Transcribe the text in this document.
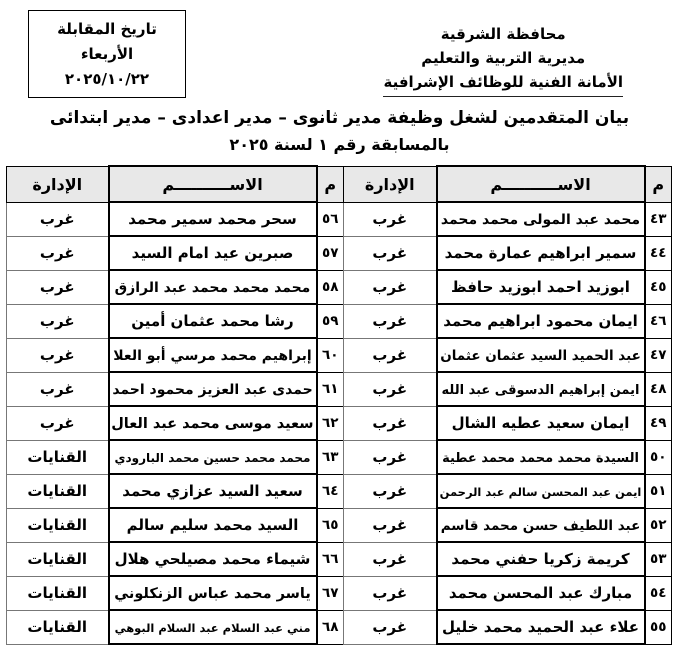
محافظة الشرقية
مديرية التربية والتعليم
الأمانة الفنية للوظائف الإشرافية
تاريخ المقابلة
الأربعاء
٢٠٢٥/١٠/٢٢
بيان المتقدمين لشغل وظيفة مدير ثانوى – مدير اعدادى – مدير ابتدائى
بالمسابقة رقم ١ لسنة ٢٠٢٥
م	الاســــــــــم	الإدارة	م	الاســــــــــم	الإدارة
٤٣	محمد عبد المولى محمد محمد	غرب	٥٦	سحر محمد سمير محمد	غرب
٤٤	سمير ابراهيم عمارة محمد	غرب	٥٧	صبرين عيد امام السيد	غرب
٤٥	ابوزيد احمد ابوزيد حافظ	غرب	٥٨	محمد محمد محمد عبد الرازق	غرب
٤٦	ايمان محمود ابراهيم محمد	غرب	٥٩	رشا محمد عثمان أمين	غرب
٤٧	عبد الحميد السيد عثمان عثمان	غرب	٦٠	إبراهيم محمد مرسي أبو العلا	غرب
٤٨	ايمن إبراهيم الدسوقى عبد الله	غرب	٦١	حمدى عبد العزيز محمود احمد	غرب
٤٩	ايمان سعيد عطيه الشال	غرب	٦٢	سعيد موسى محمد عبد العال	غرب
٥٠	السيدة محمد محمد محمد عطية	غرب	٦٣	محمد محمد حسين محمد البارودي	القنايات
٥١	ايمن عبد المحسن سالم عبد الرحمن	غرب	٦٤	سعيد السيد عزازي محمد	القنايات
٥٢	عبد اللطيف حسن محمد قاسم	غرب	٦٥	السيد محمد سليم سالم	القنايات
٥٣	كريمة زكريا حفني محمد	غرب	٦٦	شيماء محمد مصيلحي هلال	القنايات
٥٤	مبارك عبد المحسن محمد	غرب	٦٧	ياسر محمد عباس الزنكلوني	القنايات
٥٥	علاء عبد الحميد محمد خليل	غرب	٦٨	مني عبد السلام عبد السلام البوهي	القنايات
